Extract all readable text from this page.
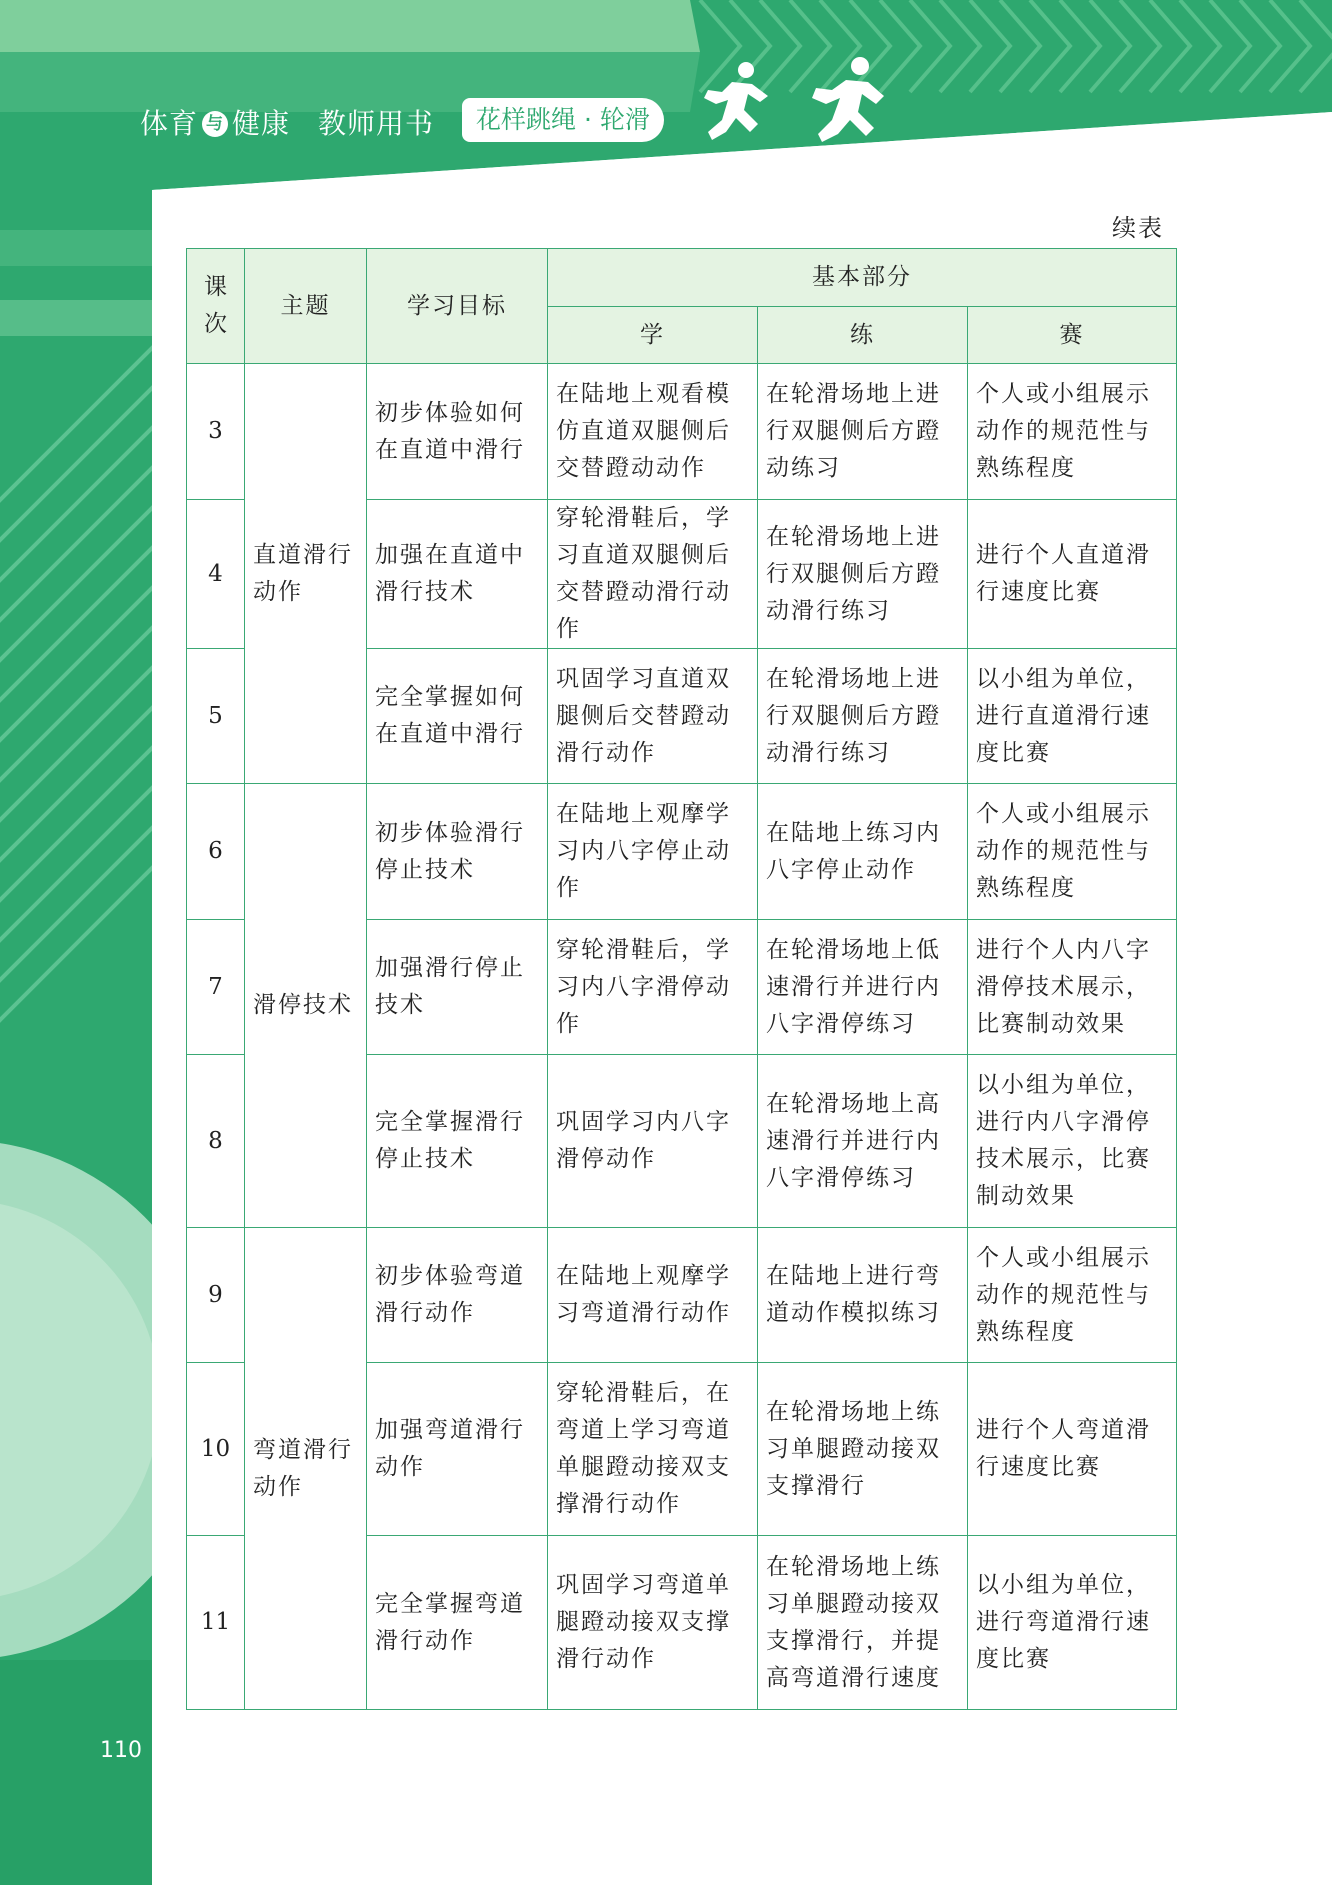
体育 与 健康 教师用书	花样跳绳 · 轮滑
续表
课次	主题	学习目标	基本部分		
			学	练	赛
3	直道滑行动作	初步体验如何在直道中滑行	在陆地上观看模仿直道双腿侧后交替蹬动动作	在轮滑场地上进行双腿侧后方蹬动练习	个人或小组展示动作的规范性与熟练程度
4		加强在直道中滑行技术	穿轮滑鞋后，学习直道双腿侧后交替蹬动滑行动作	在轮滑场地上进行双腿侧后方蹬动滑行练习	进行个人直道滑行速度比赛
5		完全掌握如何在直道中滑行	巩固学习直道双腿侧后交替蹬动滑行动作	在轮滑场地上进行双腿侧后方蹬动滑行练习	以小组为单位，进行直道滑行速度比赛
6	滑停技术	初步体验滑行停止技术	在陆地上观摩学习内八字停止动作	在陆地上练习内八字停止动作	个人或小组展示动作的规范性与熟练程度
7		加强滑行停止技术	穿轮滑鞋后，学习内八字滑停动作	在轮滑场地上低速滑行并进行内八字滑停练习	进行个人内八字滑停技术展示，比赛制动效果
8		完全掌握滑行停止技术	巩固学习内八字滑停动作	在轮滑场地上高速滑行并进行内八字滑停练习	以小组为单位，进行内八字滑停技术展示，比赛制动效果
9	弯道滑行动作	初步体验弯道滑行动作	在陆地上观摩学习弯道滑行动作	在陆地上进行弯道动作模拟练习	个人或小组展示动作的规范性与熟练程度
10		加强弯道滑行动作	穿轮滑鞋后，在弯道上学习弯道单腿蹬动接双支撑滑行动作	在轮滑场地上练习单腿蹬动接双支撑滑行	进行个人弯道滑行速度比赛
11		完全掌握弯道滑行动作	巩固学习弯道单腿蹬动接双支撑滑行动作	在轮滑场地上练习单腿蹬动接双支撑滑行，并提高弯道滑行速度	以小组为单位，进行弯道滑行速度比赛
110
